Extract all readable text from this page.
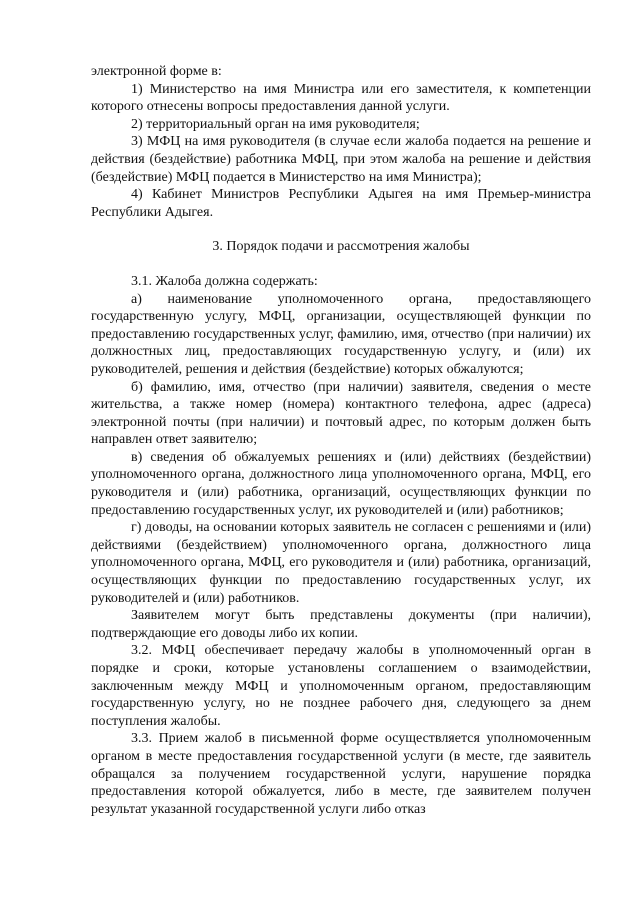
электронной форме в:

1) Министерство на имя Министра или его заместителя, к компетенции которого отнесены вопросы предоставления данной услуги.

2) территориальный орган на имя руководителя;

3) МФЦ на имя руководителя (в случае если жалоба подается на решение и действия (бездействие) работника МФЦ, при этом жалоба на решение и действия (бездействие) МФЦ подается в Министерство на имя Министра);

4) Кабинет Министров Республики Адыгея на имя Премьер-министра Республики Адыгея.

3. Порядок подачи и рассмотрения жалобы

3.1. Жалоба должна содержать:

а) наименование уполномоченного органа, предоставляющего государственную услугу, МФЦ, организации, осуществляющей функции по предоставлению государственных услуг, фамилию, имя, отчество (при наличии) их должностных лиц, предоставляющих государственную услугу, и (или) их руководителей, решения и действия (бездействие) которых обжалуются;

б) фамилию, имя, отчество (при наличии) заявителя, сведения о месте жительства, а также номер (номера) контактного телефона, адрес (адреса) электронной почты (при наличии) и почтовый адрес, по которым должен быть направлен ответ заявителю;

в) сведения об обжалуемых решениях и (или) действиях (бездействии) уполномоченного органа, должностного лица уполномоченного органа, МФЦ, его руководителя и (или) работника, организаций, осуществляющих функции по предоставлению государственных услуг, их руководителей и (или) работников;

г) доводы, на основании которых заявитель не согласен с решениями и (или) действиями (бездействием) уполномоченного органа, должностного лица уполномоченного органа, МФЦ, его руководителя и (или) работника, организаций, осуществляющих функции по предоставлению государственных услуг, их руководителей и (или) работников.

Заявителем могут быть представлены документы (при наличии), подтверждающие его доводы либо их копии.

3.2. МФЦ обеспечивает передачу жалобы в уполномоченный орган в порядке и сроки, которые установлены соглашением о взаимодействии, заключенным между МФЦ и уполномоченным органом, предоставляющим государственную услугу, но не позднее рабочего дня, следующего за днем поступления жалобы.

3.3. Прием жалоб в письменной форме осуществляется уполномоченным органом в месте предоставления государственной услуги (в месте, где заявитель обращался за получением государственной услуги, нарушение порядка предоставления которой обжалуется, либо в месте, где заявителем получен результат указанной государственной услуги либо отказ
